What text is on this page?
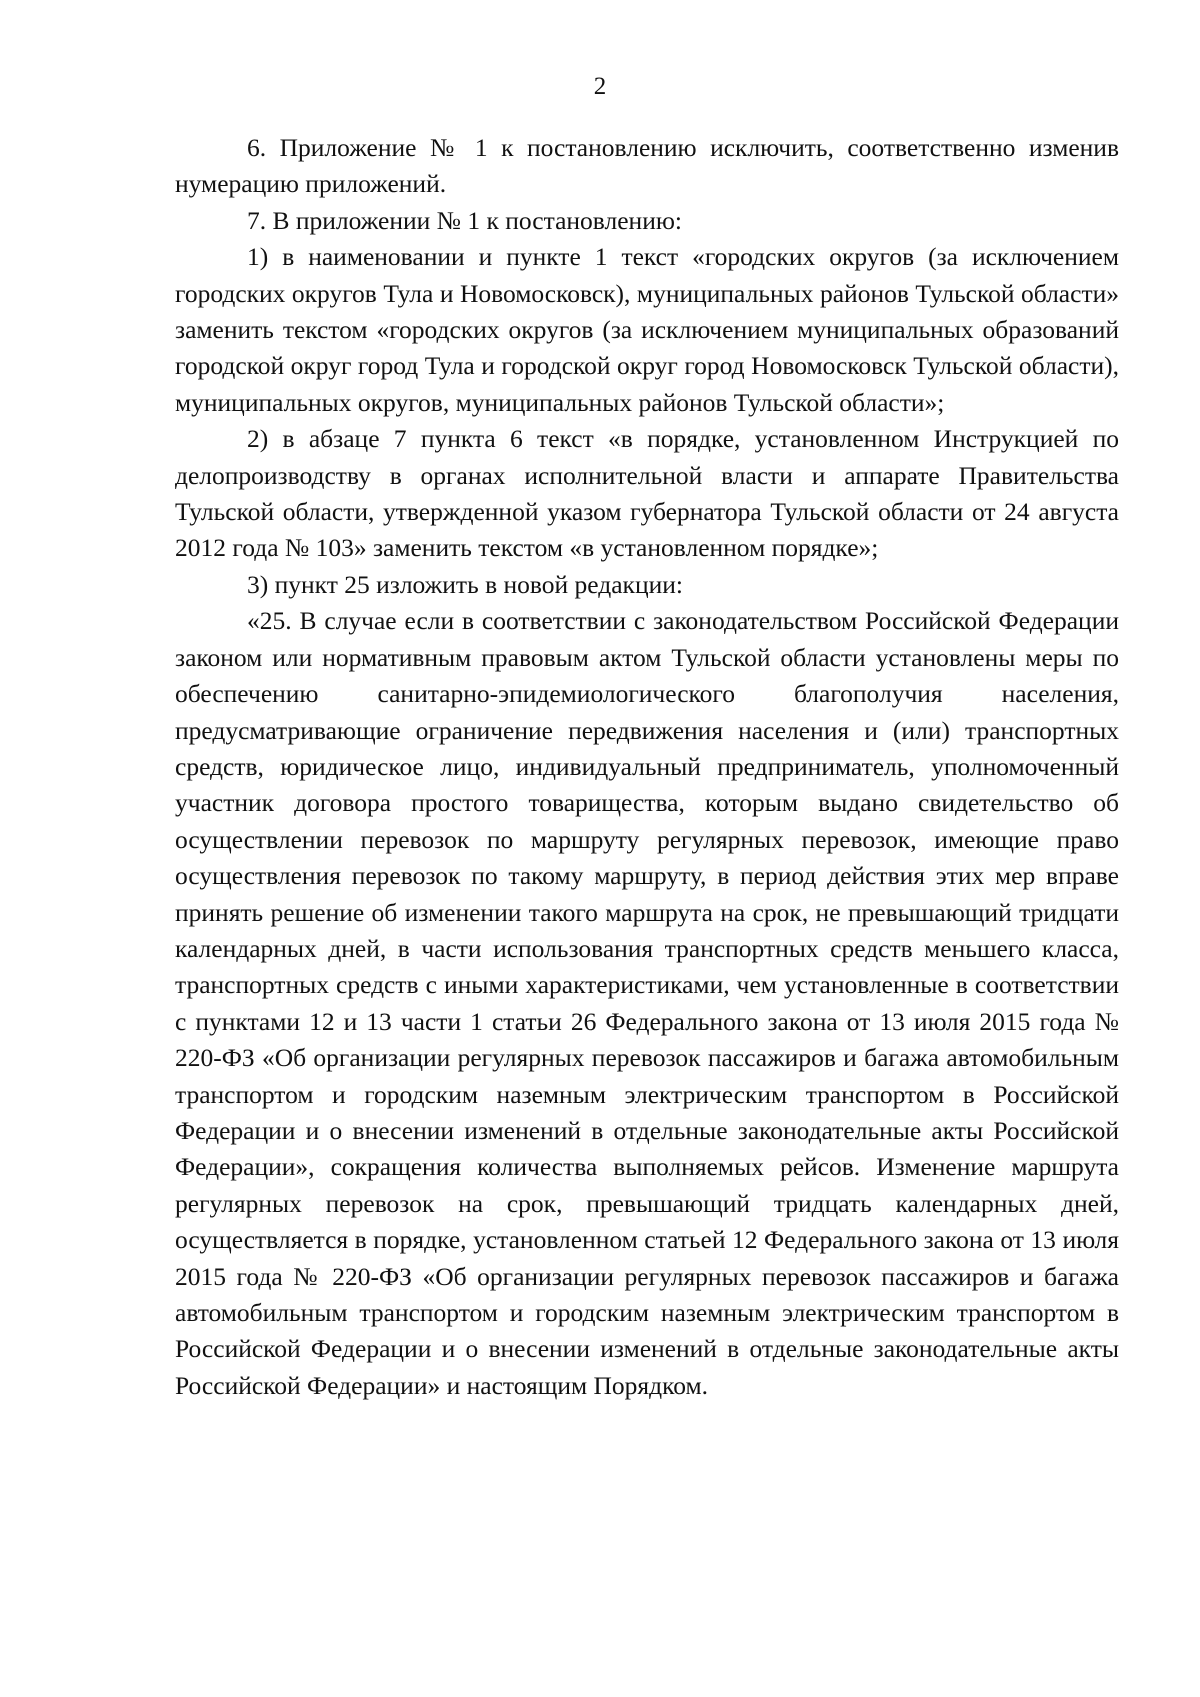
2

6. Приложение № 1 к постановлению исключить, соответственно изменив нумерацию приложений.

7. В приложении № 1 к постановлению:

1) в наименовании и пункте 1 текст «городских округов (за исключением городских округов Тула и Новомосковск), муниципальных районов Тульской области» заменить текстом «городских округов (за исключением муниципальных образований городской округ город Тула и городской округ город Новомосковск Тульской области), муниципальных округов, муниципальных районов Тульской области»;

2) в абзаце 7 пункта 6 текст «в порядке, установленном Инструкцией по делопроизводству в органах исполнительной власти и аппарате Правительства Тульской области, утвержденной указом губернатора Тульской области от 24 августа 2012 года № 103» заменить текстом «в установленном порядке»;

3) пункт 25 изложить в новой редакции:

«25. В случае если в соответствии с законодательством Российской Федерации законом или нормативным правовым актом Тульской области установлены меры по обеспечению санитарно-эпидемиологического благополучия населения, предусматривающие ограничение передвижения населения и (или) транспортных средств, юридическое лицо, индивидуальный предприниматель, уполномоченный участник договора простого товарищества, которым выдано свидетельство об осуществлении перевозок по маршруту регулярных перевозок, имеющие право осуществления перевозок по такому маршруту, в период действия этих мер вправе принять решение об изменении такого маршрута на срок, не превышающий тридцати календарных дней, в части использования транспортных средств меньшего класса, транспортных средств с иными характеристиками, чем установленные в соответствии с пунктами 12 и 13 части 1 статьи 26 Федерального закона от 13 июля 2015 года № 220-ФЗ «Об организации регулярных перевозок пассажиров и багажа автомобильным транспортом и городским наземным электрическим транспортом в Российской Федерации и о внесении изменений в отдельные законодательные акты Российской Федерации», сокращения количества выполняемых рейсов. Изменение маршрута регулярных перевозок на срок, превышающий тридцать календарных дней, осуществляется в порядке, установленном статьей 12 Федерального закона от 13 июля 2015 года № 220-ФЗ «Об организации регулярных перевозок пассажиров и багажа автомобильным транспортом и городским наземным электрическим транспортом в Российской Федерации и о внесении изменений в отдельные законодательные акты Российской Федерации» и настоящим Порядком.
